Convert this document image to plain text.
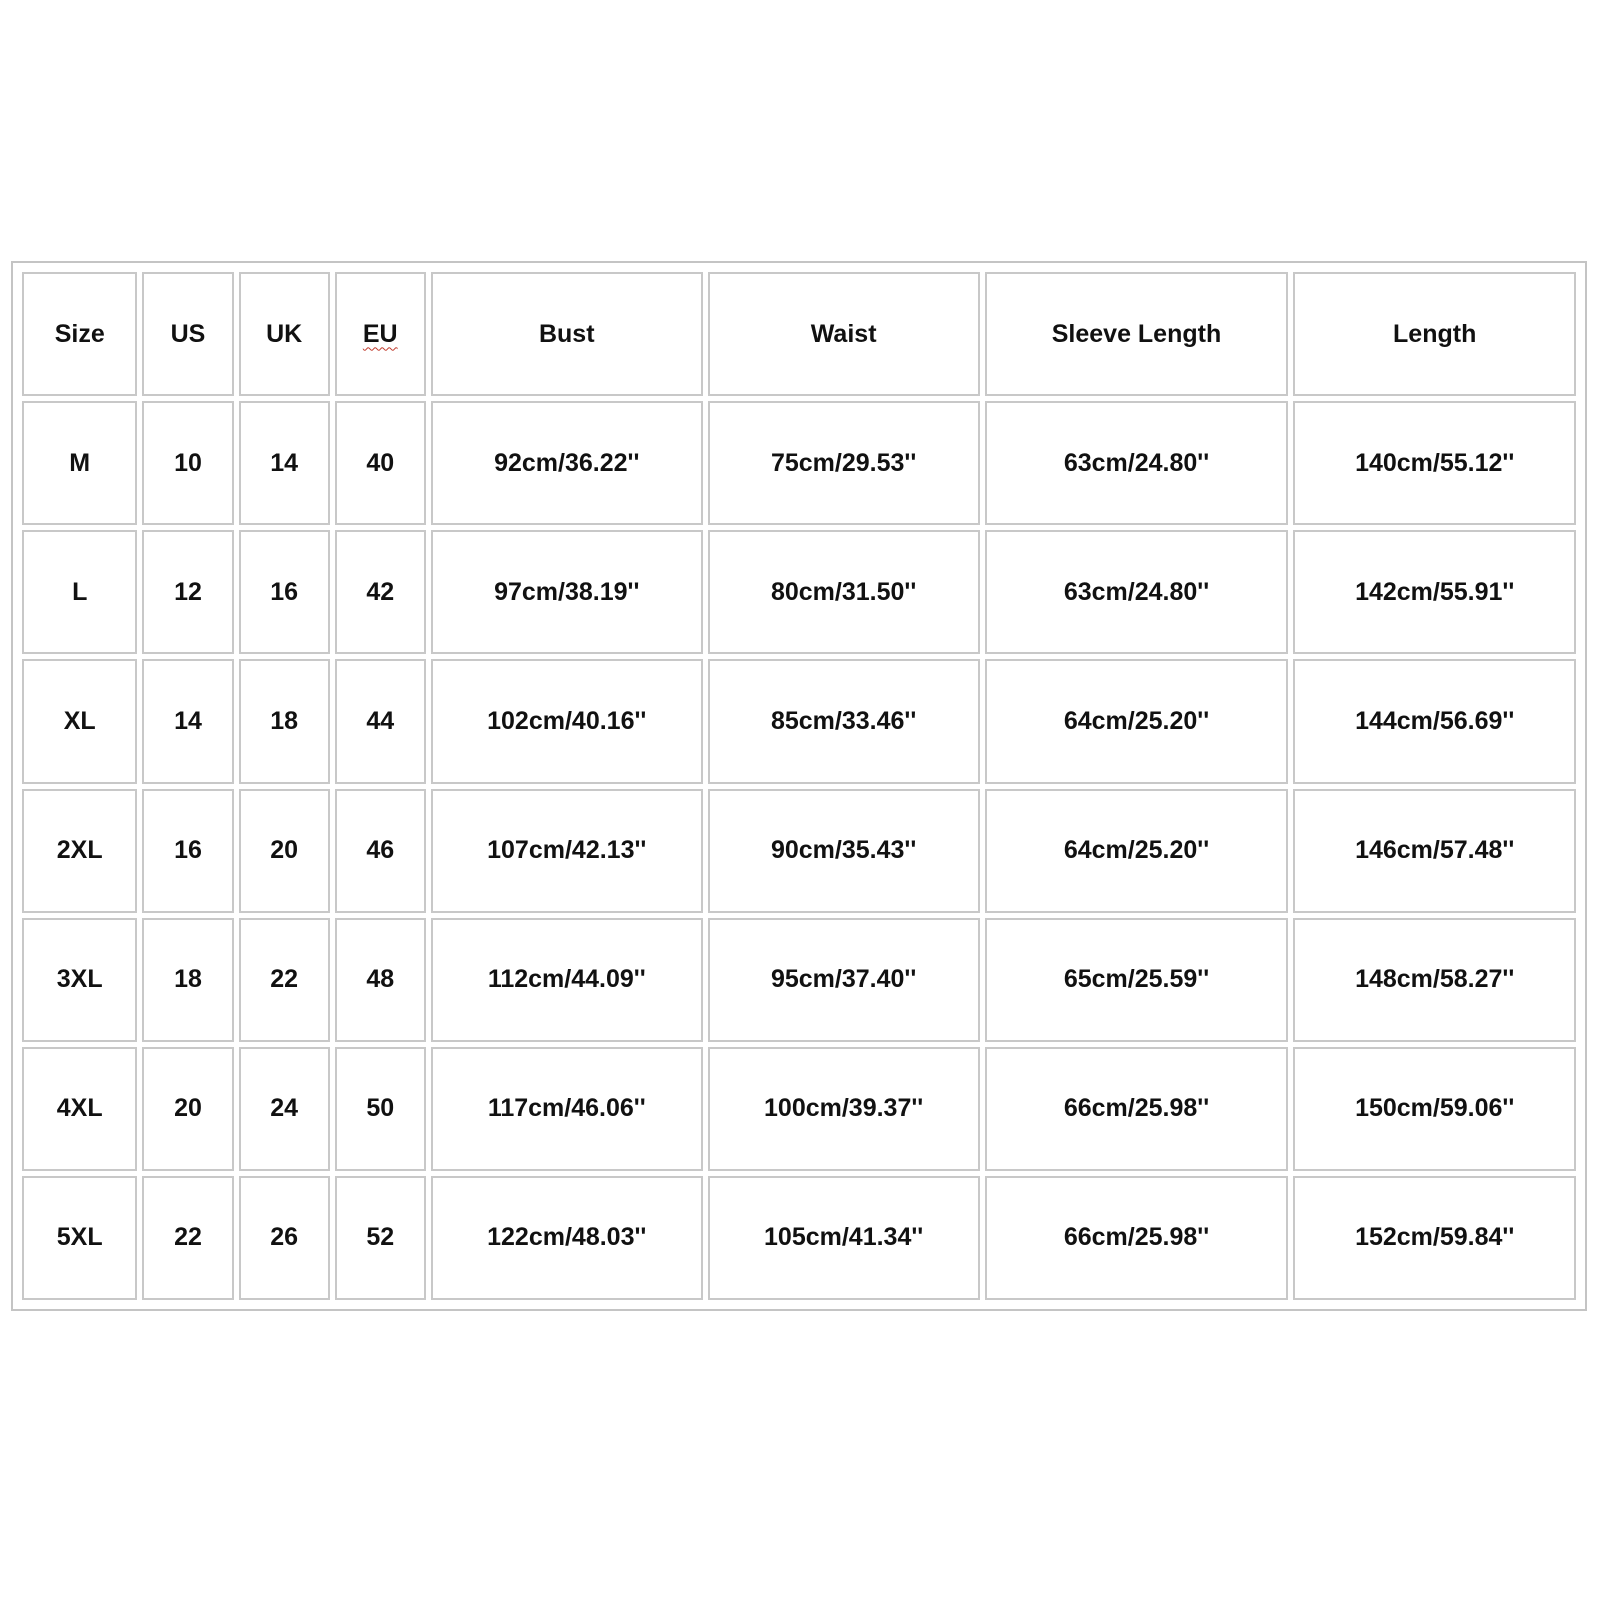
Size	US	UK	EU	Bust	Waist	Sleeve Length	Length
M	10	14	40	92cm/36.22''	75cm/29.53''	63cm/24.80''	140cm/55.12''
L	12	16	42	97cm/38.19''	80cm/31.50''	63cm/24.80''	142cm/55.91''
XL	14	18	44	102cm/40.16''	85cm/33.46''	64cm/25.20''	144cm/56.69''
2XL	16	20	46	107cm/42.13''	90cm/35.43''	64cm/25.20''	146cm/57.48''
3XL	18	22	48	112cm/44.09''	95cm/37.40''	65cm/25.59''	148cm/58.27''
4XL	20	24	50	117cm/46.06''	100cm/39.37''	66cm/25.98''	150cm/59.06''
5XL	22	26	52	122cm/48.03''	105cm/41.34''	66cm/25.98''	152cm/59.84''
